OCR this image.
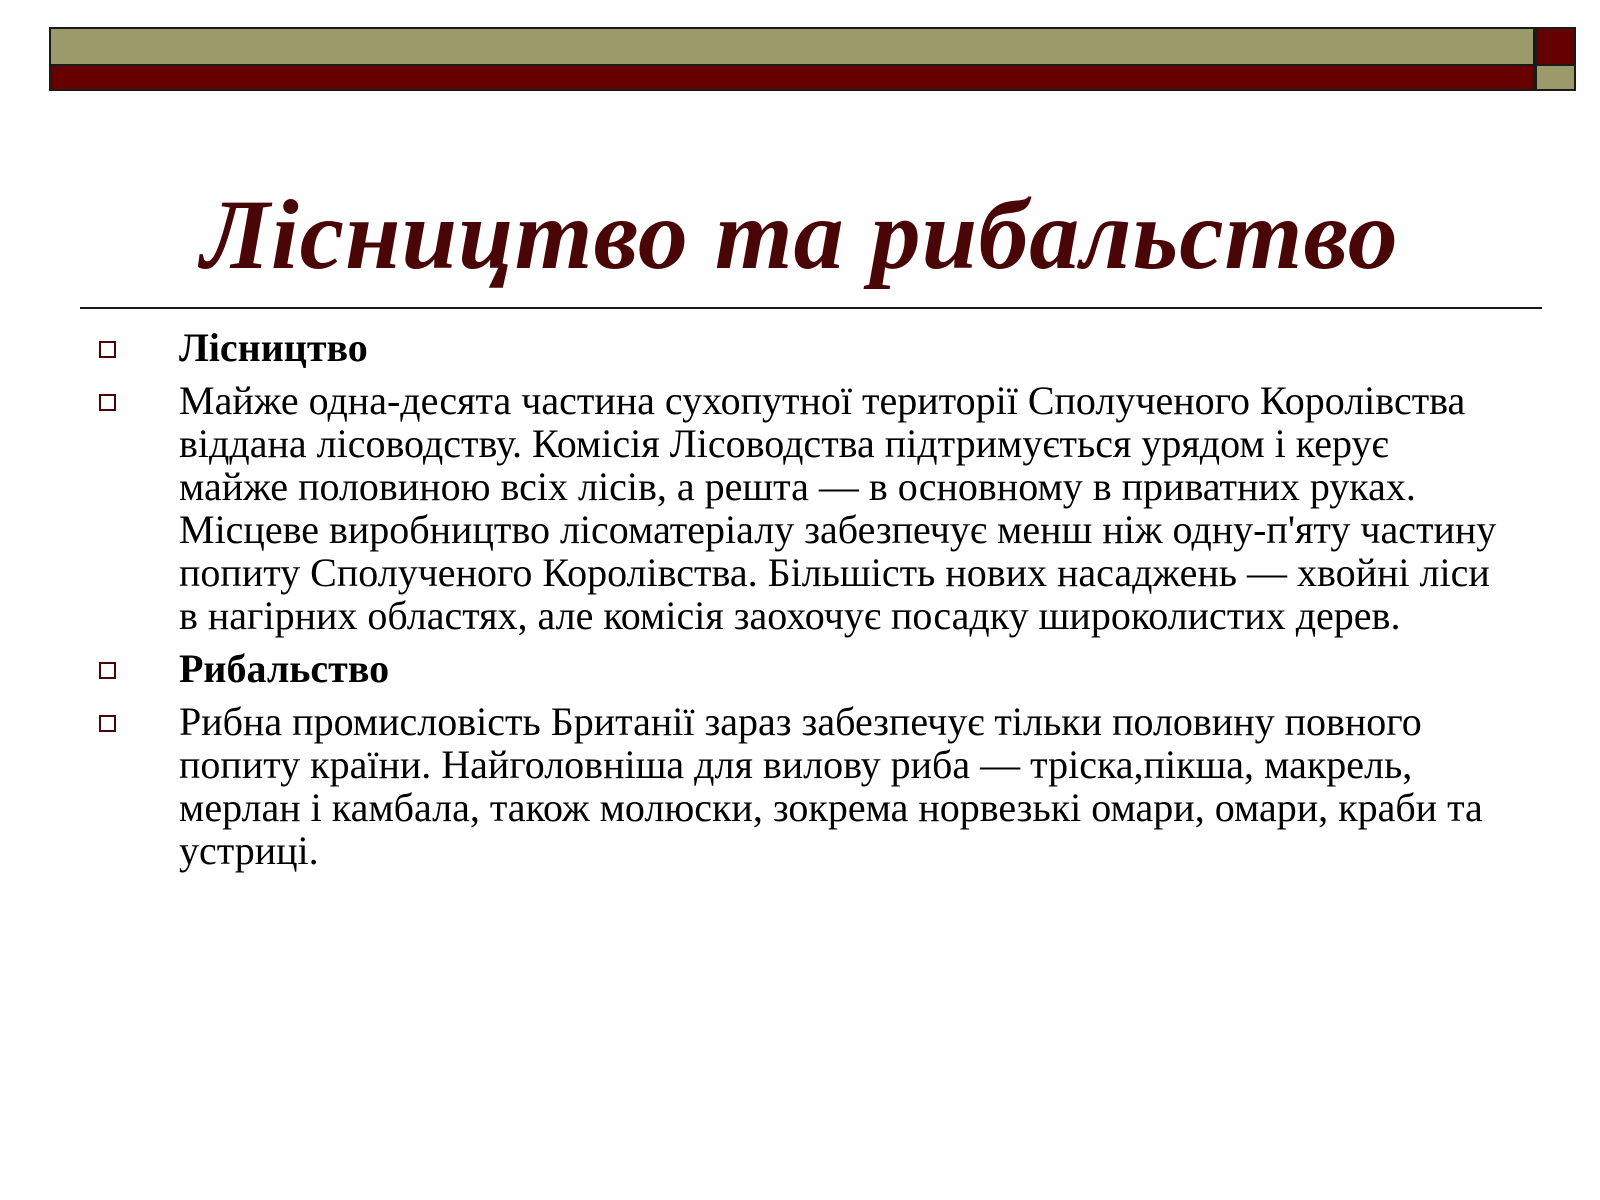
Лісництво та рибальство
Лісництво
Майже одна-десята частина сухопутної території Сполученого Королівства віддана лісоводству. Комісія Лісоводства підтримується урядом і керує майже половиною всіх лісів, а решта — в основному в приватних руках. Місцеве виробництво лісоматеріалу забезпечує менш ніж одну-п'яту частину попиту Сполученого Королівства. Більшість нових насаджень — хвойні ліси в нагірних областях, але комісія заохочує посадку широколистих дерев.
Рибальство
Рибна промисловість Британії зараз забезпечує тільки половину повного попиту країни. Найголовніша для вилову риба — тріска,пікша, макрель, мерлан і камбала, також молюски, зокрема норвезькі омари, омари, краби та устриці.
